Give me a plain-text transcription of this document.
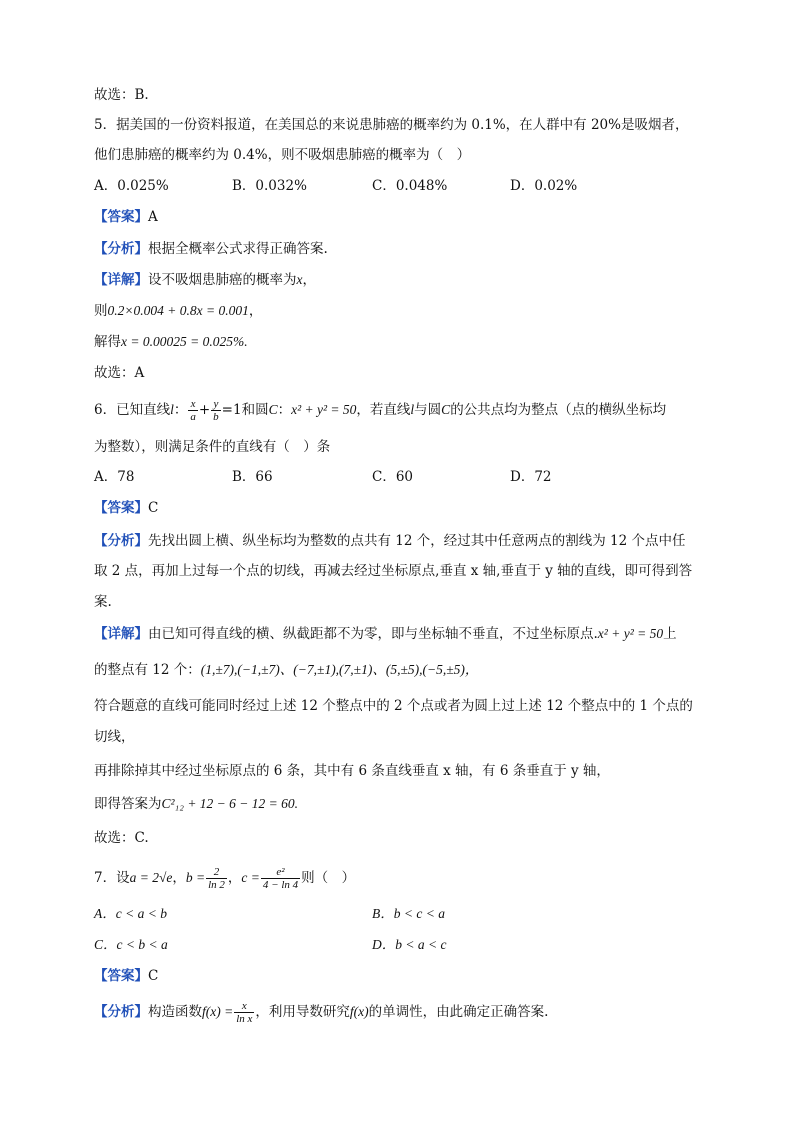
故选：B.
5．据美国的一份资料报道，在美国总的来说患肺癌的概率约为 0.1%，在人群中有 20%是吸烟者，
他们患肺癌的概率约为 0.4%，则不吸烟患肺癌的概率为（　）
A．0.025%	B．0.032%	C．0.048%	D．0.02%
【答案】A
【分析】根据全概率公式求得正确答案.
【详解】设不吸烟患肺癌的概率为x，
则0.2×0.004 + 0.8x = 0.001，
解得x = 0.00025 = 0.025%.
故选：A
6．已知直线l： $\frac{x}{a} + \frac{y}{b} =1$和圆C：x² + y² = 50，若直线l与圆C的公共点均为整点（点的横纵坐标均
为整数），则满足条件的直线有（　）条
A．78	B．66	C．60	D．72
【答案】C
【分析】先找出圆上横、纵坐标均为整数的点共有 12 个，经过其中任意两点的割线为 12 个点中任
取 2 点，再加上过每一个点的切线，再减去经过坐标原点,垂直 x 轴,垂直于 y 轴的直线，即可得到答
案.
【详解】由已知可得直线的横、纵截距都不为零，即与坐标轴不垂直，不过坐标原点.x² + y² = 50上
的整点有 12 个：(1,±7),(−1,±7)、(−7,±1),(7,±1)、(5,±5),(−5,±5)，
符合题意的直线可能同时经过上述 12 个整点中的 2 个点或者为圆上过上述 12 个整点中的 1 个点的
切线，
再排除掉其中经过坐标原点的 6 条，其中有 6 条直线垂直 x 轴，有 6 条垂直于 y 轴，
即得答案为C²₁₂ + 12 − 6 − 12 = 60.
故选：C.
7．设a = 2√e，$b = \frac{2}{\ln 2}$ ，$c = \frac{\text{e²}}{4 - \ln 4}$ 则（　）
A．c < a < b	B．b < c < a
C．c < b < a	D．b < a < c
【答案】C
【分析】构造函数$f(x) = \frac{x}{\text{ln x}}$ ，利用导数研究f(x)的单调性，由此确定正确答案.
